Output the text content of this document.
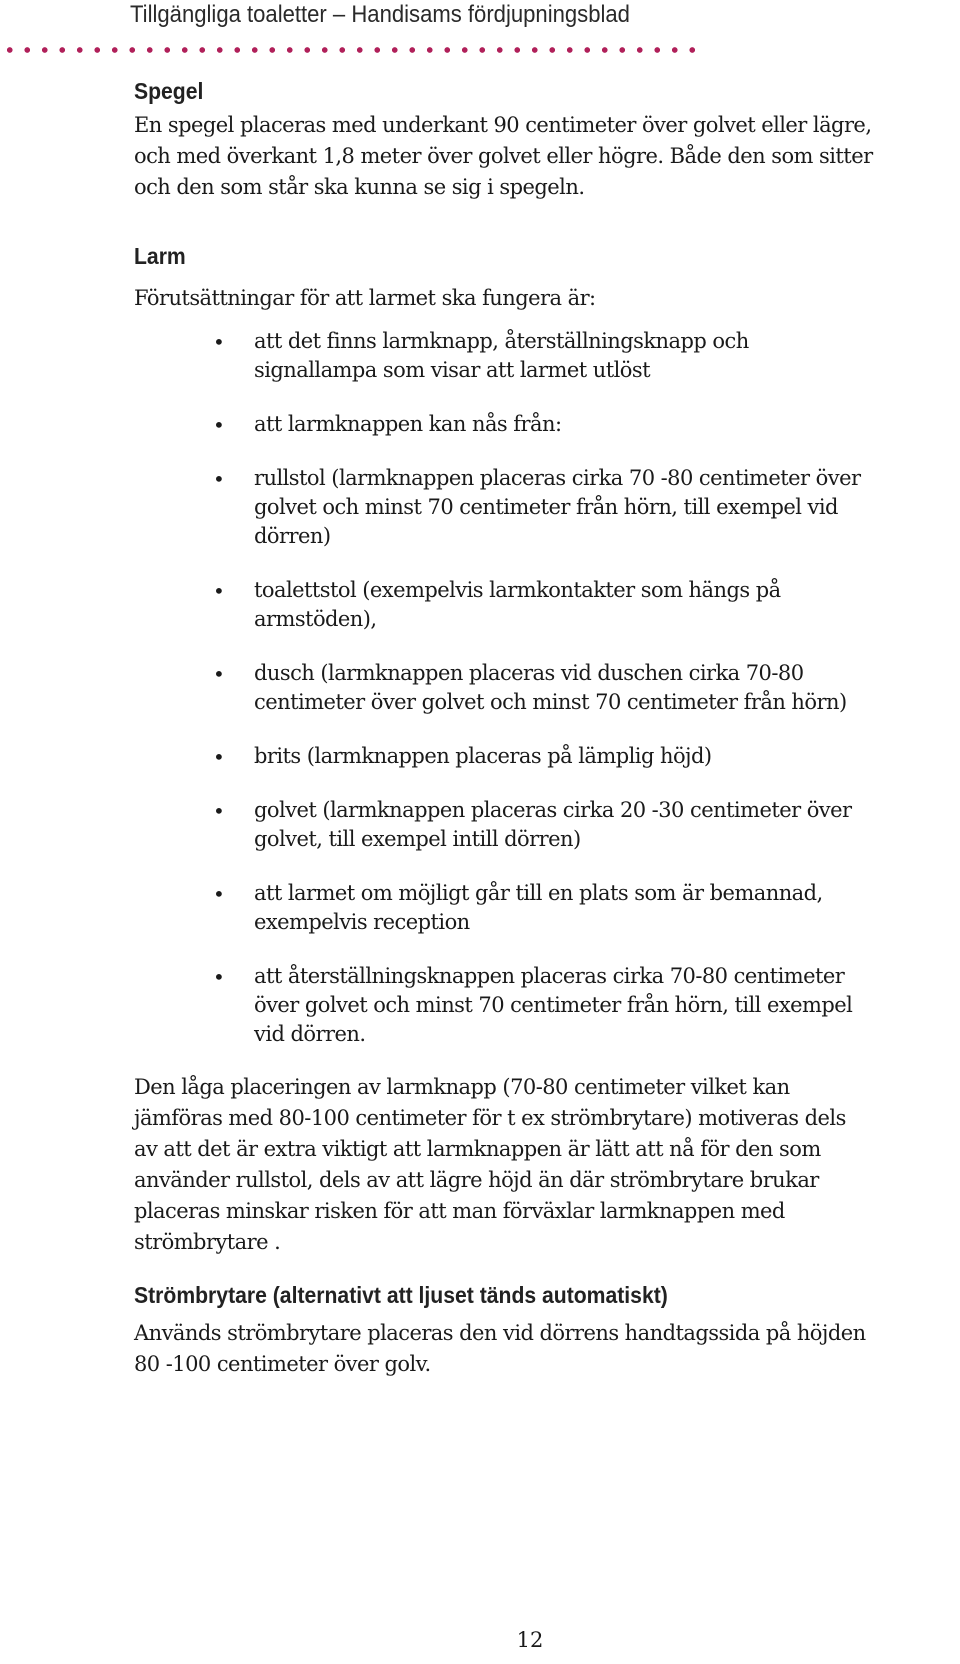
Tillgängliga toaletter – Handisams fördjupningsblad
Spegel

En spegel placeras med underkant 90 centimeter över golvet eller lägre,
och med överkant 1,8 meter över golvet eller högre. Både den som sitter
och den som står ska kunna se sig i spegeln.

Larm

Förutsättningar för att larmet ska fungera är:

• att det finns larmknapp, återställningsknapp och
signallampa som visar att larmet utlöst
• att larmknappen kan nås från:
• rullstol (larmknappen placeras cirka 70 -80 centimeter över
golvet och minst 70 centimeter från hörn, till exempel vid
dörren)
• toalettstol (exempelvis larmkontakter som hängs på
armstöden),
• dusch (larmknappen placeras vid duschen cirka 70-80
centimeter över golvet och minst 70 centimeter från hörn)
• brits (larmknappen placeras på lämplig höjd)
• golvet (larmknappen placeras cirka 20 -30 centimeter över
golvet, till exempel intill dörren)
• att larmet om möjligt går till en plats som är bemannad,
exempelvis reception
• att återställningsknappen placeras cirka 70-80 centimeter
över golvet och minst 70 centimeter från hörn, till exempel
vid dörren.

Den låga placeringen av larmknapp (70-80 centimeter vilket kan
jämföras med 80-100 centimeter för t ex strömbrytare) motiveras dels
av att det är extra viktigt att larmknappen är lätt att nå för den som
använder rullstol, dels av att lägre höjd än där strömbrytare brukar
placeras minskar risken för att man förväxlar larmknappen med
strömbrytare .

Strömbrytare (alternativt att ljuset tänds automatiskt)

Används strömbrytare placeras den vid dörrens handtagssida på höjden
80 -100 centimeter över golv.

12
